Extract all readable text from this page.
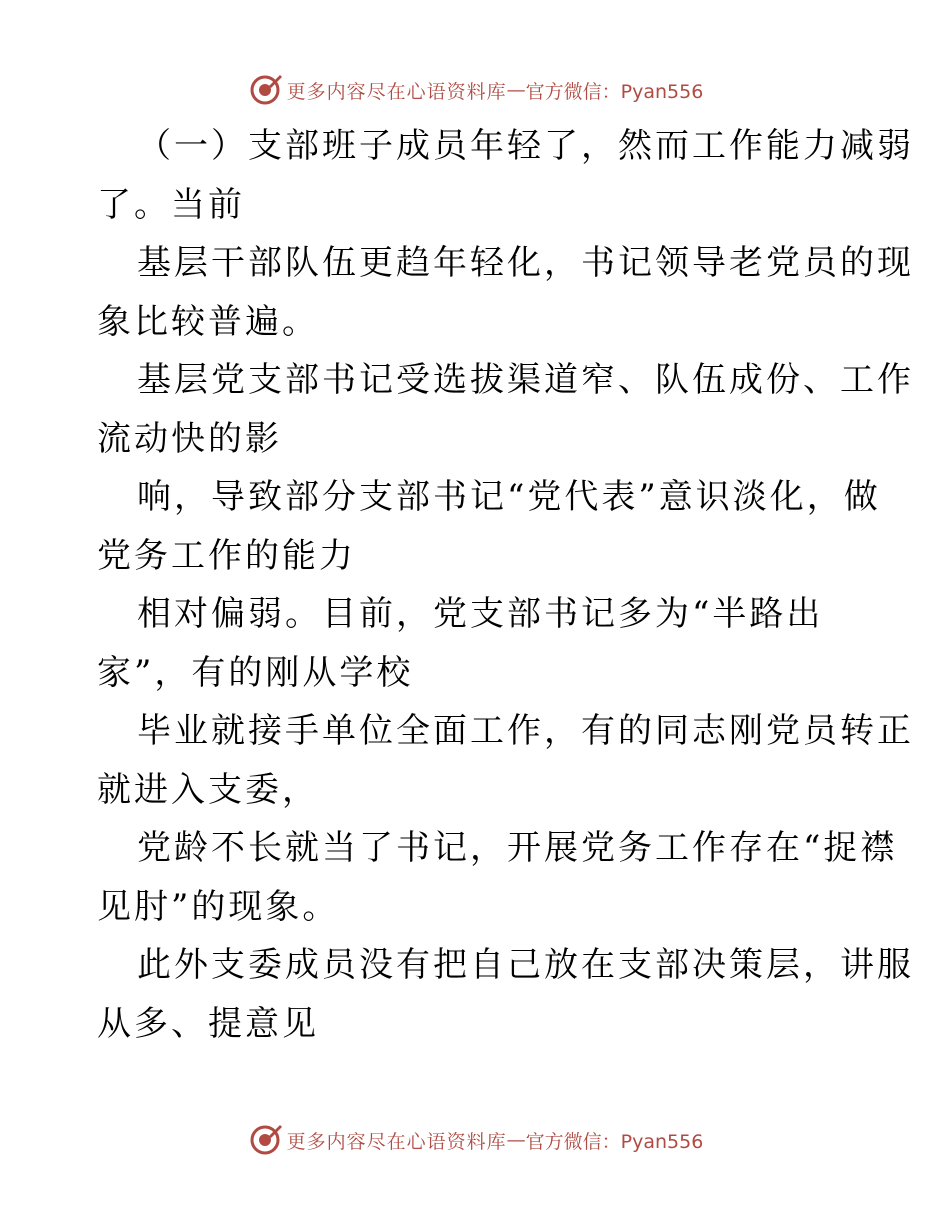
更多内容尽在心语资料库 — 官方微信：Pyan556
（一）支部班子成员年轻了，然而工作能力减弱
了。当前
基层干部队伍更趋年轻化，书记领导老党员的现
象比较普遍。
基层党支部书记受选拔渠道窄、队伍成份、工作
流动快的影
响，导致部分支部书记“党代表”意识淡化，做
党务工作的能力
相对偏弱。目前，党支部书记多为“半路出
家”，有的刚从学校
毕业就接手单位全面工作，有的同志刚党员转正
就进入支委，
党龄不长就当了书记，开展党务工作存在“捉襟
见肘”的现象。
此外支委成员没有把自己放在支部决策层，讲服
从多、提意见
更多内容尽在心语资料库 — 官方微信：Pyan556
